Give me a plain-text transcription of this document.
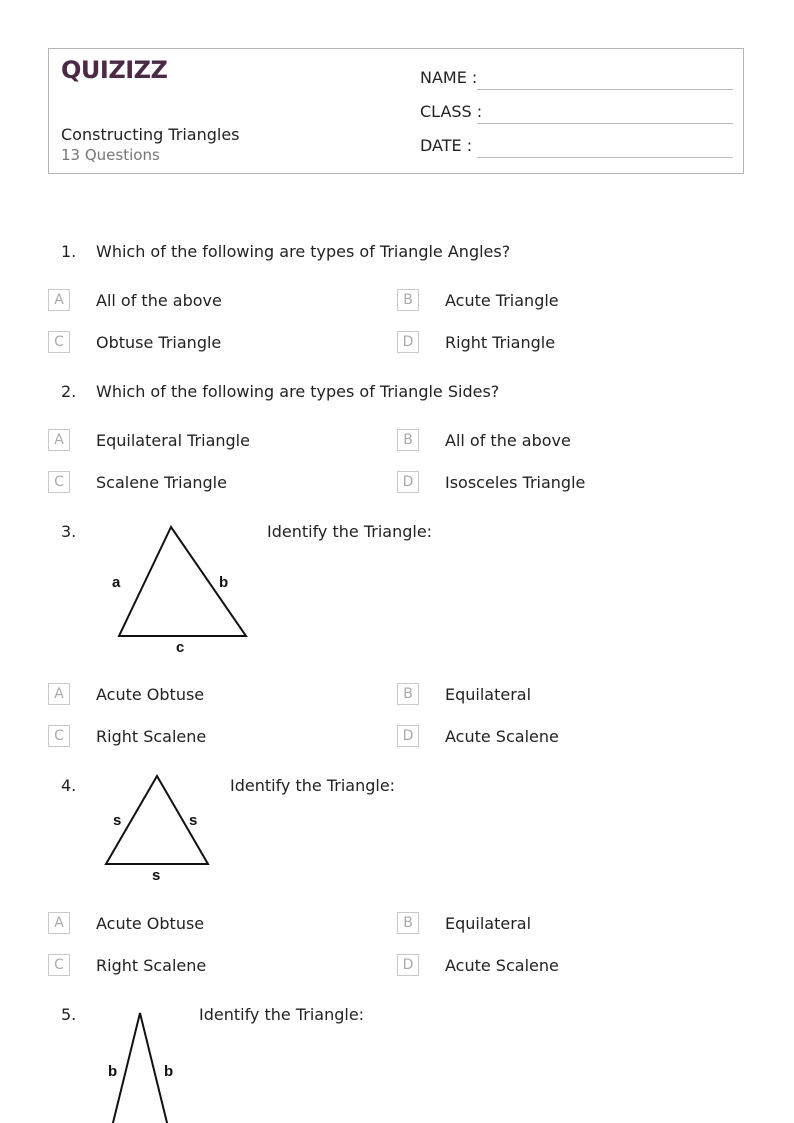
QUIZIZZ
Constructing Triangles
13 Questions
NAME :
CLASS :
DATE :
1. Which of the following are types of Triangle Angles?
A	All of the above	B	Acute Triangle
C	Obtuse Triangle	D	Right Triangle
2. Which of the following are types of Triangle Sides?
A	Equilateral Triangle	B	All of the above
C	Scalene Triangle	D	Isosceles Triangle
3.
a	b
c
Identify the Triangle:
A	Acute Obtuse	B	Equilateral
C	Right Scalene	D	Acute Scalene
4.
s	s
s
Identify the Triangle:
A	Acute Obtuse	B	Equilateral
C	Right Scalene	D	Acute Scalene
5.
b	b
Identify the Triangle:
